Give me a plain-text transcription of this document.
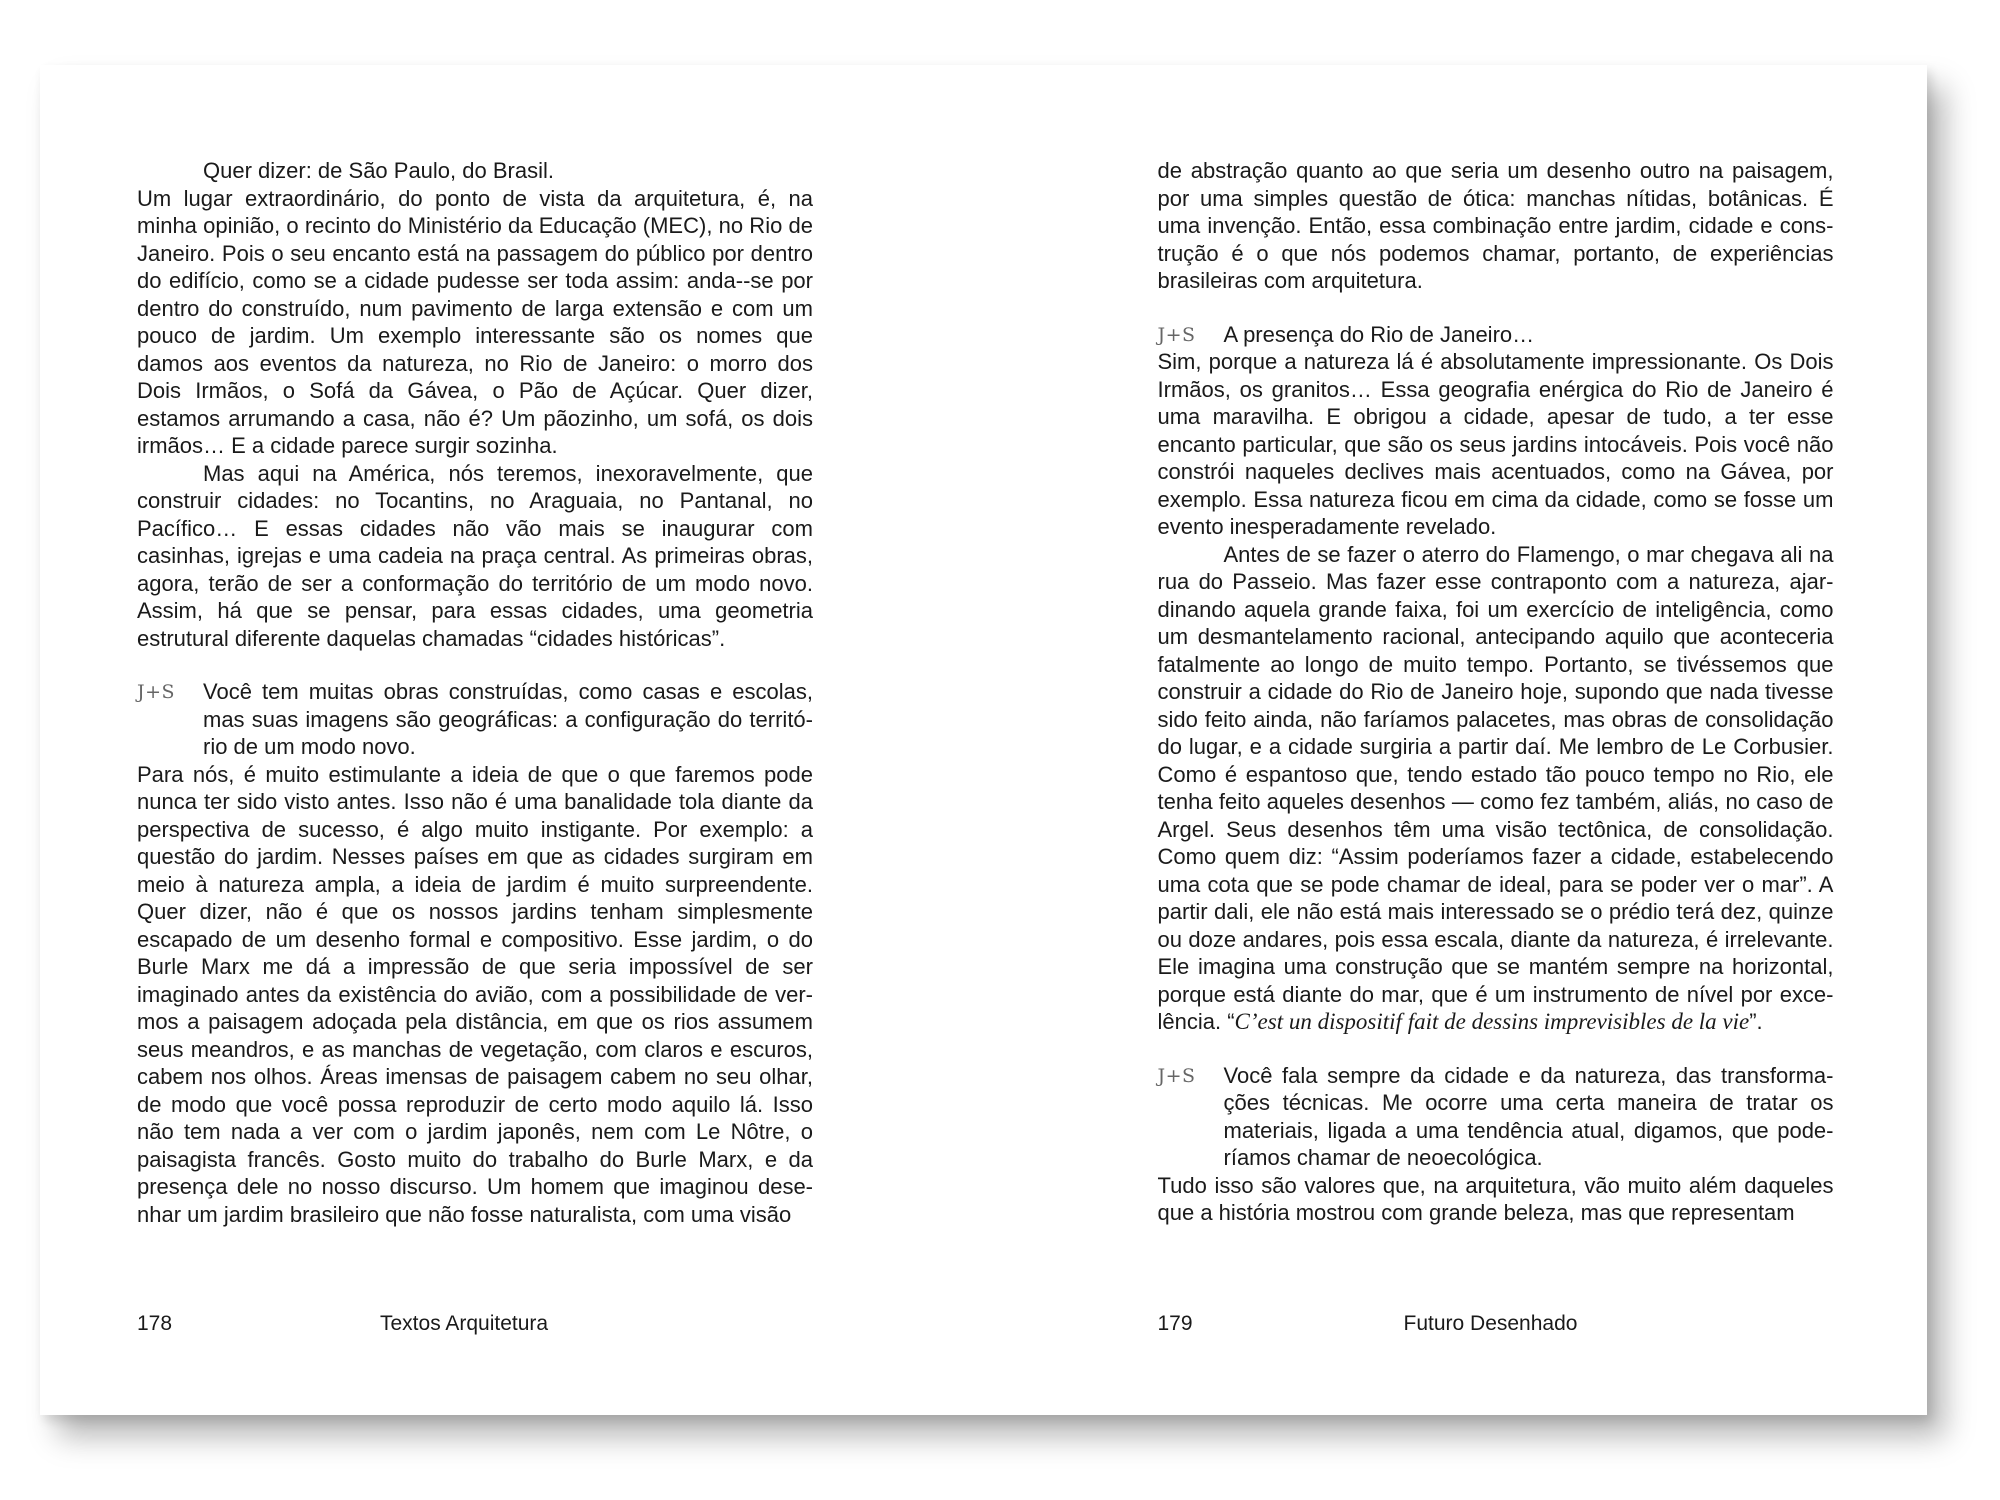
Quer dizer: de São Paulo, do Brasil.

Um lugar extraordinário, do ponto de vista da arquitetura, é, na minha opinião, o recinto do Ministério da Educação (MEC), no Rio de Janeiro. Pois o seu encanto está na passagem do público por dentro do edifício, como se a cidade pudesse ser toda assim: anda--se por dentro do construído, num pavimento de larga extensão e com um pouco de jardim. Um exemplo interessante são os nomes que damos aos eventos da natureza, no Rio de Janeiro: o morro dos Dois Irmãos, o Sofá da Gávea, o Pão de Açúcar. Quer dizer, estamos arrumando a casa, não é? Um pãozinho, um sofá, os dois irmãos… E a cidade parece surgir sozinha.

Mas aqui na América, nós teremos, inexoravelmente, que construir cidades: no Tocantins, no Araguaia, no Pantanal, no Pacífico… E essas cidades não vão mais se inaugurar com casinhas, igrejas e uma cadeia na praça central. As primeiras obras, agora, terão de ser a conformação do território de um modo novo. Assim, há que se pensar, para essas cidades, uma geometria estrutural diferente daquelas chamadas “cidades históricas”.

J+S Você tem muitas obras construídas, como casas e escolas, mas suas imagens são geográficas: a configuração do territó-rio de um modo novo.

Para nós, é muito estimulante a ideia de que o que faremos pode nunca ter sido visto antes. Isso não é uma banalidade tola diante da perspectiva de sucesso, é algo muito instigante. Por exemplo: a questão do jardim. Nesses países em que as cidades surgiram em meio à natureza ampla, a ideia de jardim é muito surpreendente. Quer dizer, não é que os nossos jardins tenham simplesmente escapado de um desenho formal e compositivo. Esse jardim, o do Burle Marx me dá a impressão de que seria impossível de ser imaginado antes da existência do avião, com a possibilidade de ver-mos a paisagem adoçada pela distância, em que os rios assumem seus meandros, e as manchas de vegetação, com claros e escuros, cabem nos olhos. Áreas imensas de paisagem cabem no seu olhar, de modo que você possa reproduzir de certo modo aquilo lá. Isso não tem nada a ver com o jardim japonês, nem com Le Nôtre, o paisagista francês. Gosto muito do trabalho do Burle Marx, e da presença dele no nosso discurso. Um homem que imaginou dese-nhar um jardim brasileiro que não fosse naturalista, com uma visão

178	Textos Arquitetura

de abstração quanto ao que seria um desenho outro na paisagem, por uma simples questão de ótica: manchas nítidas, botânicas. É uma invenção. Então, essa combinação entre jardim, cidade e cons-trução é o que nós podemos chamar, portanto, de experiências brasileiras com arquitetura.

J+S A presença do Rio de Janeiro…

Sim, porque a natureza lá é absolutamente impressionante. Os Dois Irmãos, os granitos… Essa geografia enérgica do Rio de Janeiro é uma maravilha. E obrigou a cidade, apesar de tudo, a ter esse encanto particular, que são os seus jardins intocáveis. Pois você não constrói naqueles declives mais acentuados, como na Gávea, por exemplo. Essa natureza ficou em cima da cidade, como se fosse um evento inesperadamente revelado.

Antes de se fazer o aterro do Flamengo, o mar chegava ali na rua do Passeio. Mas fazer esse contraponto com a natureza, ajar-dinando aquela grande faixa, foi um exercício de inteligência, como um desmantelamento racional, antecipando aquilo que aconteceria fatalmente ao longo de muito tempo. Portanto, se tivéssemos que construir a cidade do Rio de Janeiro hoje, supondo que nada tivesse sido feito ainda, não faríamos palacetes, mas obras de consolidação do lugar, e a cidade surgiria a partir daí. Me lembro de Le Corbusier. Como é espantoso que, tendo estado tão pouco tempo no Rio, ele tenha feito aqueles desenhos — como fez também, aliás, no caso de Argel. Seus desenhos têm uma visão tectônica, de consolidação. Como quem diz: “Assim poderíamos fazer a cidade, estabelecendo uma cota que se pode chamar de ideal, para se poder ver o mar”. A partir dali, ele não está mais interessado se o prédio terá dez, quinze ou doze andares, pois essa escala, diante da natureza, é irrelevante. Ele imagina uma construção que se mantém sempre na horizontal, porque está diante do mar, que é um instrumento de nível por exce-lência. “C’est un dispositif fait de dessins imprevisibles de la vie”.

J+S Você fala sempre da cidade e da natureza, das transforma-ções técnicas. Me ocorre uma certa maneira de tratar os materiais, ligada a uma tendência atual, digamos, que pode-ríamos chamar de neoecológica.

Tudo isso são valores que, na arquitetura, vão muito além daqueles que a história mostrou com grande beleza, mas que representam

179	Futuro Desenhado
